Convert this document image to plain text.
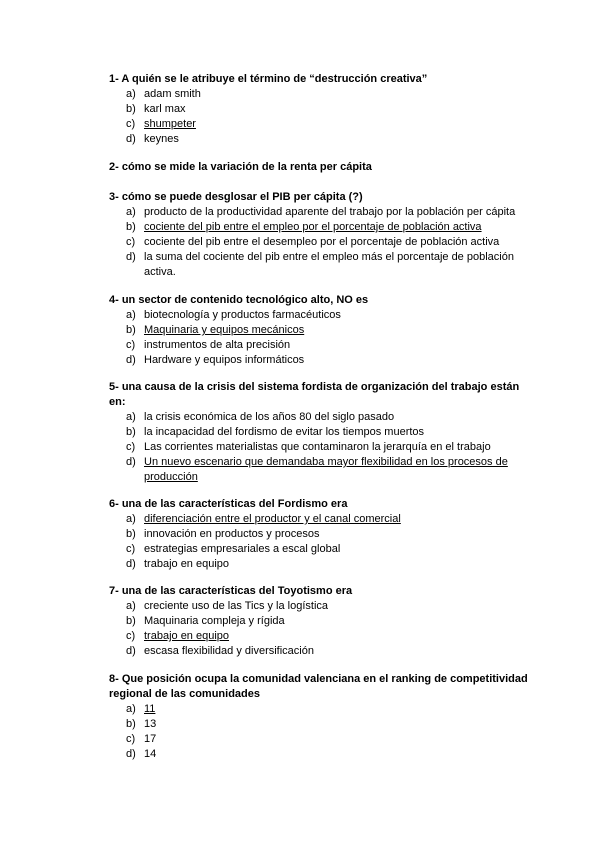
1- A quién se le atribuye el término de “destrucción creativa”
a) adam smith
b) karl max
c) shumpeter
d) keynes
2- cómo se mide la variación de la renta per cápita
3- cómo se puede desglosar el PIB per cápita (?)
a) producto de la productividad aparente del trabajo por la población per cápita
b) cociente del pib entre el empleo por el porcentaje de población activa
c) cociente del pib entre el desempleo por el porcentaje de población activa
d) la suma del cociente del pib entre el empleo más el porcentaje de población activa.
4- un sector de contenido tecnológico alto, NO es
a) biotecnología y productos farmacéuticos
b) Maquinaria y equipos mecánicos
c) instrumentos de alta precisión
d) Hardware y equipos informáticos
5- una causa de la crisis del sistema fordista de organización del trabajo están en:
a) la crisis económica de los años 80 del siglo pasado
b) la incapacidad del fordismo de evitar los tiempos muertos
c) Las corrientes materialistas que contaminaron la jerarquía en el trabajo
d) Un nuevo escenario que demandaba mayor flexibilidad en los procesos de producción
6- una de las características del Fordismo era
a) diferenciación entre el productor y el canal comercial
b) innovación en productos y procesos
c) estrategias empresariales a escal global
d) trabajo en equipo
7- una de las características del Toyotismo era
a) creciente uso de las Tics y la logística
b) Maquinaria compleja y rígida
c) trabajo en equipo
d) escasa flexibilidad y diversificación
8- Que posición ocupa la comunidad valenciana en el ranking de competitividad regional de las comunidades
a) 11
b) 13
c) 17
d) 14
